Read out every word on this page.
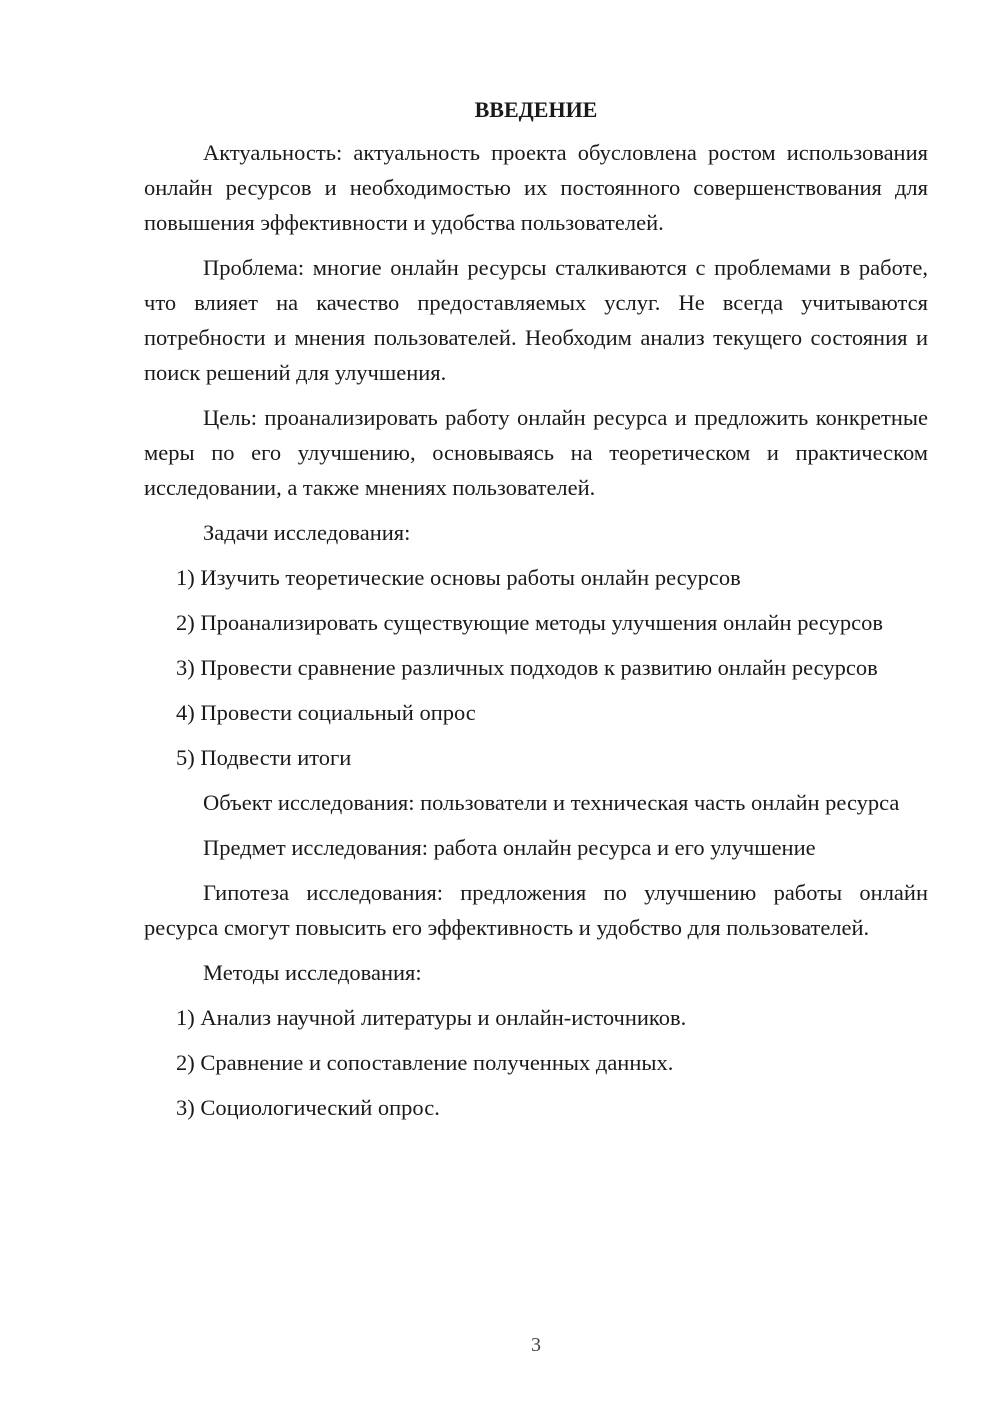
ВВЕДЕНИЕ

Актуальность: актуальность проекта обусловлена ростом использования онлайн ресурсов и необходимостью их постоянного совершенствования для повышения эффективности и удобства пользователей.

Проблема: многие онлайн ресурсы сталкиваются с проблемами в работе, что влияет на качество предоставляемых услуг. Не всегда учитываются потребности и мнения пользователей. Необходим анализ текущего состояния и поиск решений для улучшения.

Цель: проанализировать работу онлайн ресурса и предложить конкретные меры по его улучшению, основываясь на теоретическом и практическом исследовании, а также мнениях пользователей.

Задачи исследования:

1) Изучить теоретические основы работы онлайн ресурсов

2) Проанализировать существующие методы улучшения онлайн ресурсов

3) Провести сравнение различных подходов к развитию онлайн ресурсов

4) Провести социальный опрос

5) Подвести итоги

Объект исследования: пользователи и техническая часть онлайн ресурса

Предмет исследования: работа онлайн ресурса и его улучшение

Гипотеза исследования: предложения по улучшению работы онлайн ресурса смогут повысить его эффективность и удобство для пользователей.

Методы исследования:

1) Анализ научной литературы и онлайн-источников.

2) Сравнение и сопоставление полученных данных.

3) Социологический опрос.

3
